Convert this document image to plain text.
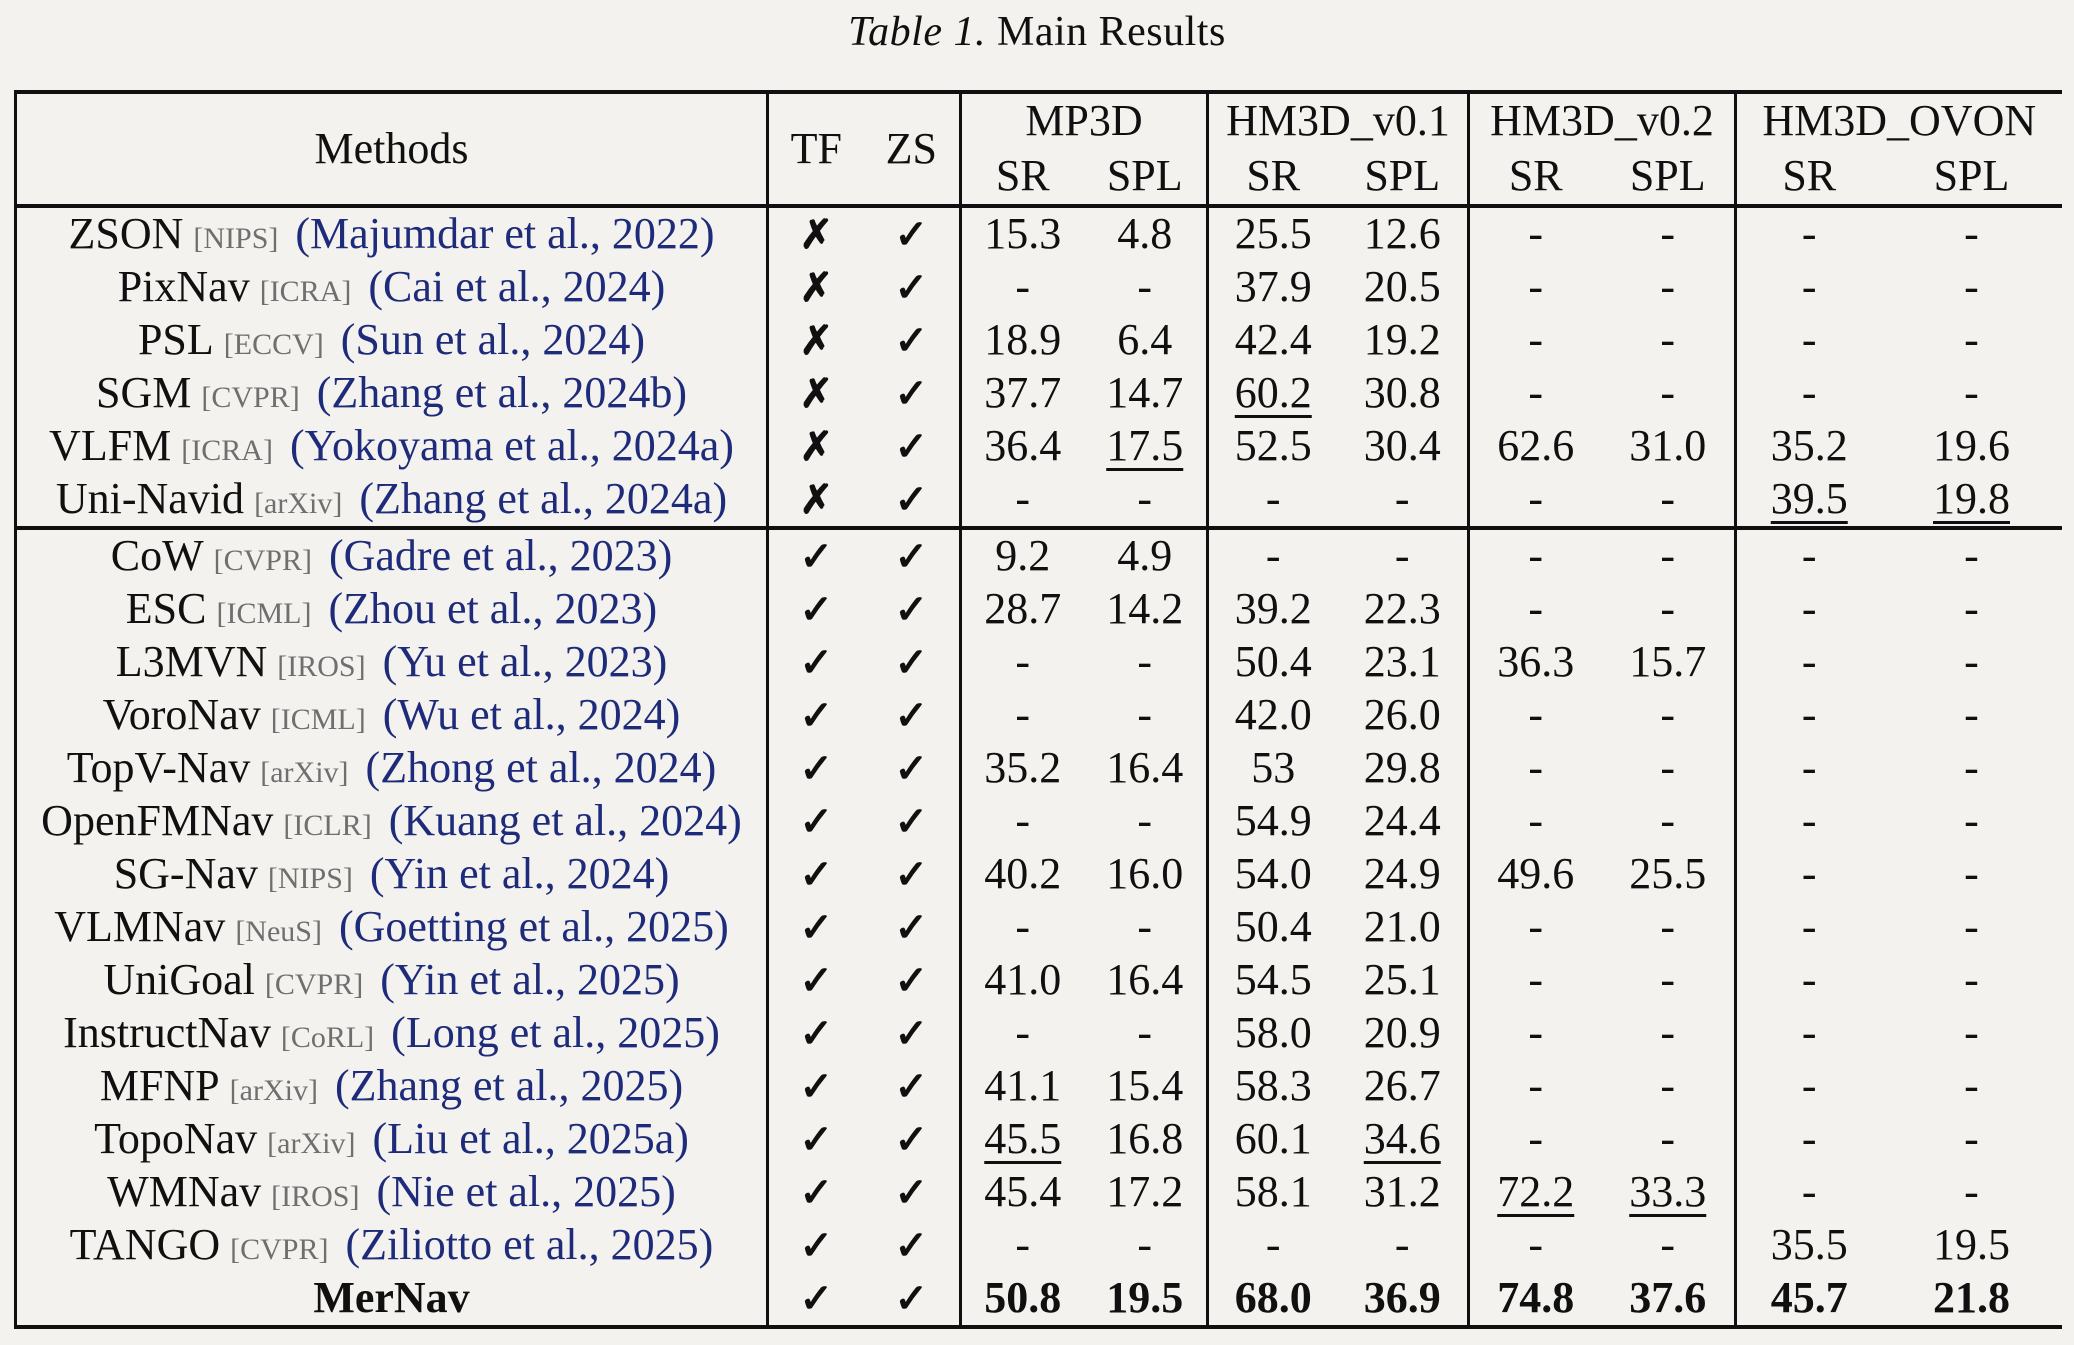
Table 1. Main Results
Methods	TF	ZS	MP3D		HM3D_v0.1		HM3D_v0.2		HM3D_OVON	
			SR	SPL	SR	SPL	SR	SPL	SR	SPL
ZSON [NIPS] (Majumdar et al., 2022)	✗	✓	15.3	4.8	25.5	12.6	-	-	-	-
PixNav [ICRA] (Cai et al., 2024)	✗	✓	-	-	37.9	20.5	-	-	-	-
PSL [ECCV] (Sun et al., 2024)	✗	✓	18.9	6.4	42.4	19.2	-	-	-	-
SGM [CVPR] (Zhang et al., 2024b)	✗	✓	37.7	14.7	60.2	30.8	-	-	-	-
VLFM [ICRA] (Yokoyama et al., 2024a)	✗	✓	36.4	17.5	52.5	30.4	62.6	31.0	35.2	19.6
Uni-Navid [arXiv] (Zhang et al., 2024a)	✗	✓	-	-	-	-	-	-	39.5	19.8
CoW [CVPR] (Gadre et al., 2023)	✓	✓	9.2	4.9	-	-	-	-	-	-
ESC [ICML] (Zhou et al., 2023)	✓	✓	28.7	14.2	39.2	22.3	-	-	-	-
L3MVN [IROS] (Yu et al., 2023)	✓	✓	-	-	50.4	23.1	36.3	15.7	-	-
VoroNav [ICML] (Wu et al., 2024)	✓	✓	-	-	42.0	26.0	-	-	-	-
TopV-Nav [arXiv] (Zhong et al., 2024)	✓	✓	35.2	16.4	53	29.8	-	-	-	-
OpenFMNav [ICLR] (Kuang et al., 2024)	✓	✓	-	-	54.9	24.4	-	-	-	-
SG-Nav [NIPS] (Yin et al., 2024)	✓	✓	40.2	16.0	54.0	24.9	49.6	25.5	-	-
VLMNav [NeuS] (Goetting et al., 2025)	✓	✓	-	-	50.4	21.0	-	-	-	-
UniGoal [CVPR] (Yin et al., 2025)	✓	✓	41.0	16.4	54.5	25.1	-	-	-	-
InstructNav [CoRL] (Long et al., 2025)	✓	✓	-	-	58.0	20.9	-	-	-	-
MFNP [arXiv] (Zhang et al., 2025)	✓	✓	41.1	15.4	58.3	26.7	-	-	-	-
TopoNav [arXiv] (Liu et al., 2025a)	✓	✓	45.5	16.8	60.1	34.6	-	-	-	-
WMNav [IROS] (Nie et al., 2025)	✓	✓	45.4	17.2	58.1	31.2	72.2	33.3	-	-
TANGO [CVPR] (Ziliotto et al., 2025)	✓	✓	-	-	-	-	-	-	35.5	19.5
MerNav	✓	✓	50.8	19.5	68.0	36.9	74.8	37.6	45.7	21.8
